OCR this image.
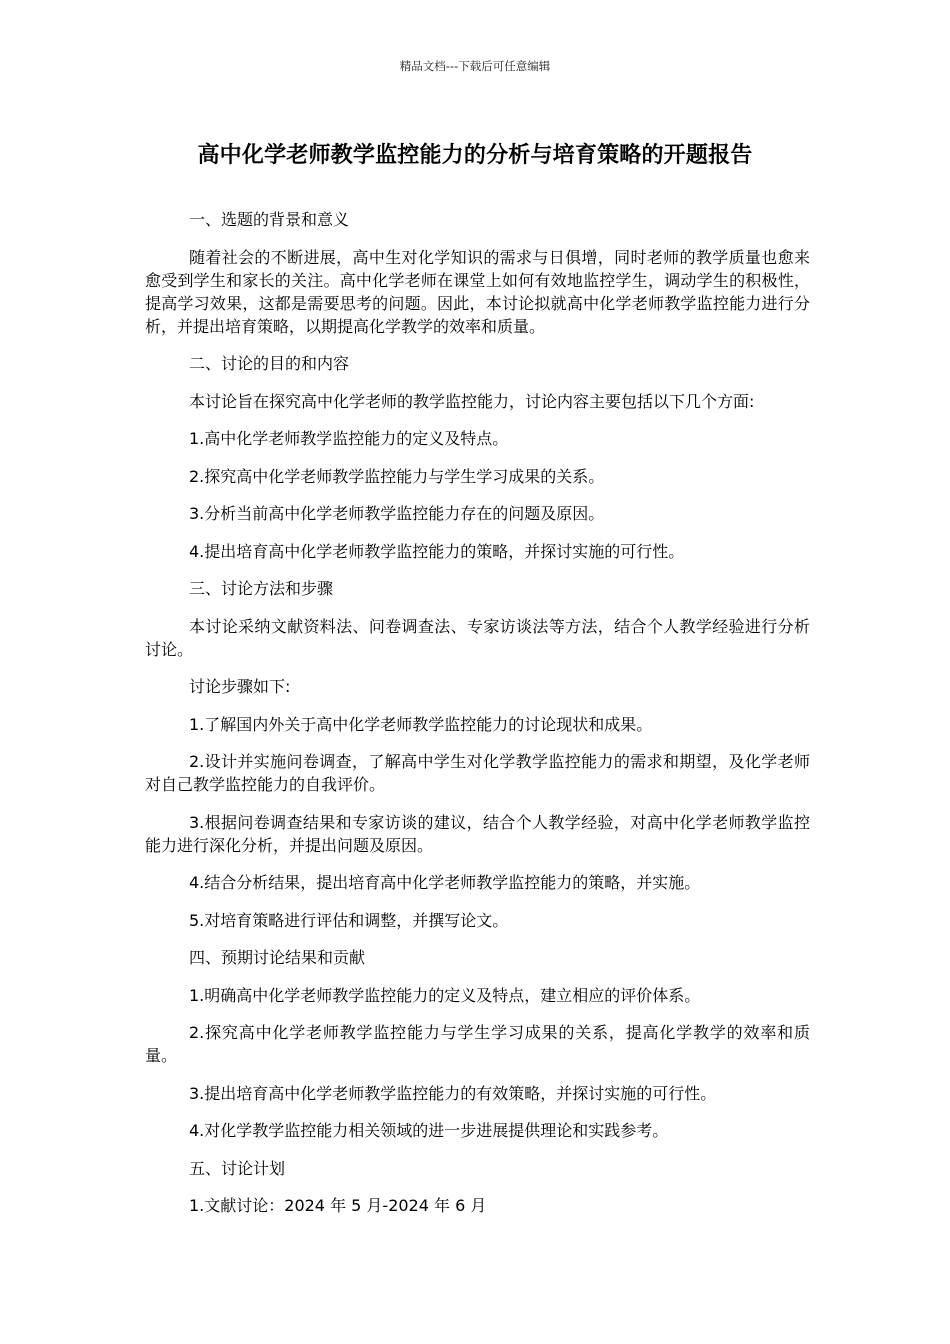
精品文档---下载后可任意编辑
高中化学老师教学监控能力的分析与培育策略的开题报告

一、选题的背景和意义

随着社会的不断进展，高中生对化学知识的需求与日俱增，同时老师的教学质量也愈来愈受到学生和家长的关注。高中化学老师在课堂上如何有效地监控学生，调动学生的积极性，提高学习效果，这都是需要思考的问题。因此，本讨论拟就高中化学老师教学监控能力进行分析，并提出培育策略，以期提高化学教学的效率和质量。

二、讨论的目的和内容

本讨论旨在探究高中化学老师的教学监控能力，讨论内容主要包括以下几个方面:

1.高中化学老师教学监控能力的定义及特点。

2.探究高中化学老师教学监控能力与学生学习成果的关系。

3.分析当前高中化学老师教学监控能力存在的问题及原因。

4.提出培育高中化学老师教学监控能力的策略，并探讨实施的可行性。

三、讨论方法和步骤

本讨论采纳文献资料法、问卷调查法、专家访谈法等方法，结合个人教学经验进行分析讨论。

讨论步骤如下:

1.了解国内外关于高中化学老师教学监控能力的讨论现状和成果。

2.设计并实施问卷调查，了解高中学生对化学教学监控能力的需求和期望，及化学老师对自己教学监控能力的自我评价。

3.根据问卷调查结果和专家访谈的建议，结合个人教学经验，对高中化学老师教学监控能力进行深化分析，并提出问题及原因。

4.结合分析结果，提出培育高中化学老师教学监控能力的策略，并实施。

5.对培育策略进行评估和调整，并撰写论文。

四、预期讨论结果和贡献

1.明确高中化学老师教学监控能力的定义及特点，建立相应的评价体系。

2.探究高中化学老师教学监控能力与学生学习成果的关系，提高化学教学的效率和质量。

3.提出培育高中化学老师教学监控能力的有效策略，并探讨实施的可行性。

4.对化学教学监控能力相关领域的进一步进展提供理论和实践参考。

五、讨论计划

1.文献讨论：2024 年 5 月-2024 年 6 月
